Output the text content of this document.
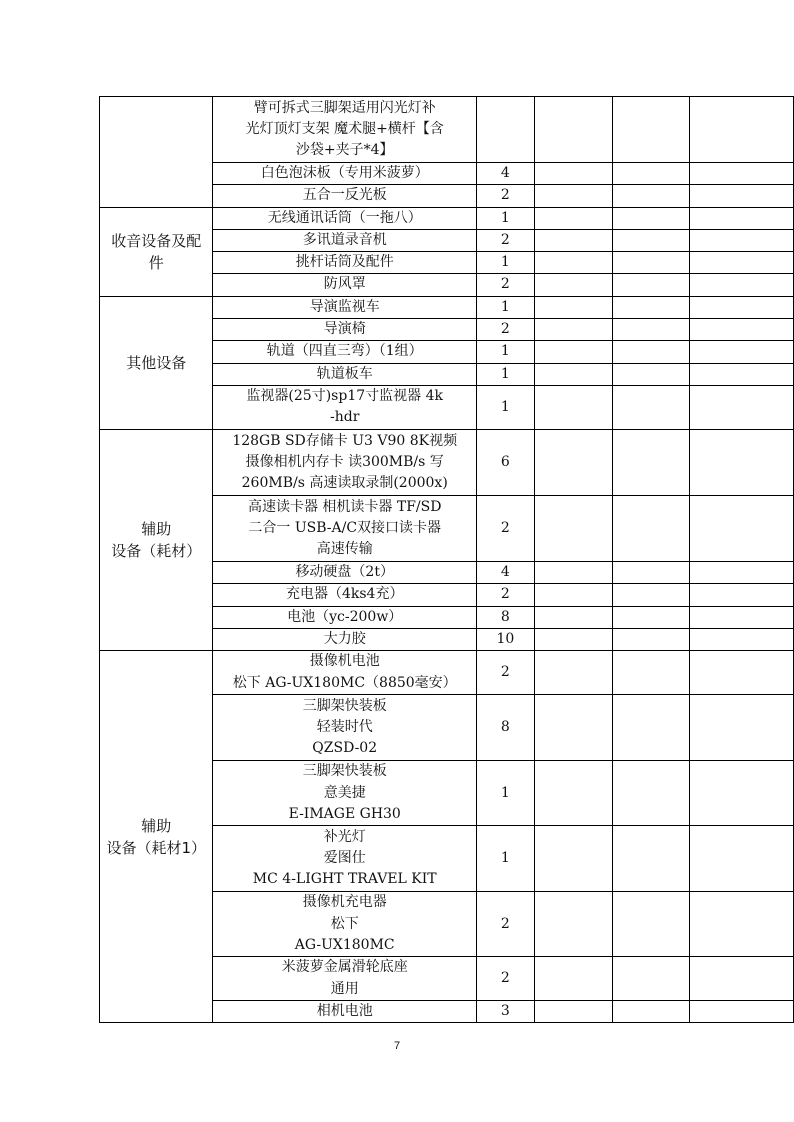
	臂可拆式三脚架适用闪光灯补
光灯顶灯支架 魔术腿+横杆【含
沙袋+夹子*4】				

	白色泡沫板（专用米菠萝）	4			

	五合一反光板	2			

收音设备及配
件	无线通讯话筒（一拖八）	1			

	多讯道录音机	2			

	挑杆话筒及配件	1			

	防风罩	2			

其他设备	导演监视车	1			

	导演椅	2			

	轨道（四直三弯）（1组）	1			

	轨道板车	1			

	监视器(25寸)sp17寸监视器 4k
-hdr	1			

辅助
设备（耗材）	128GB SD存储卡 U3 V90 8K视频
摄像相机内存卡 读300MB/s 写
260MB/s 高速读取录制(2000x)	6			

	高速读卡器 相机读卡器 TF/SD
二合一 USB-A/C双接口读卡器
高速传输	2			

	移动硬盘（2t）	4			

	充电器（4ks4充）	2			

	电池（yc-200w）	8			

	大力胶	10			

辅助
设备（耗材1）	摄像机电池
松下 AG-UX180MC（8850毫安）	2			

	三脚架快装板
轻装时代
QZSD-02	8			

	三脚架快装板
意美捷
E-IMAGE GH30	1			

	补光灯
爱图仕
MC 4-LIGHT TRAVEL KIT	1			

	摄像机充电器
松下
AG-UX180MC	2			

	米菠萝金属滑轮底座
通用	2			

	相机电池	3			
7
